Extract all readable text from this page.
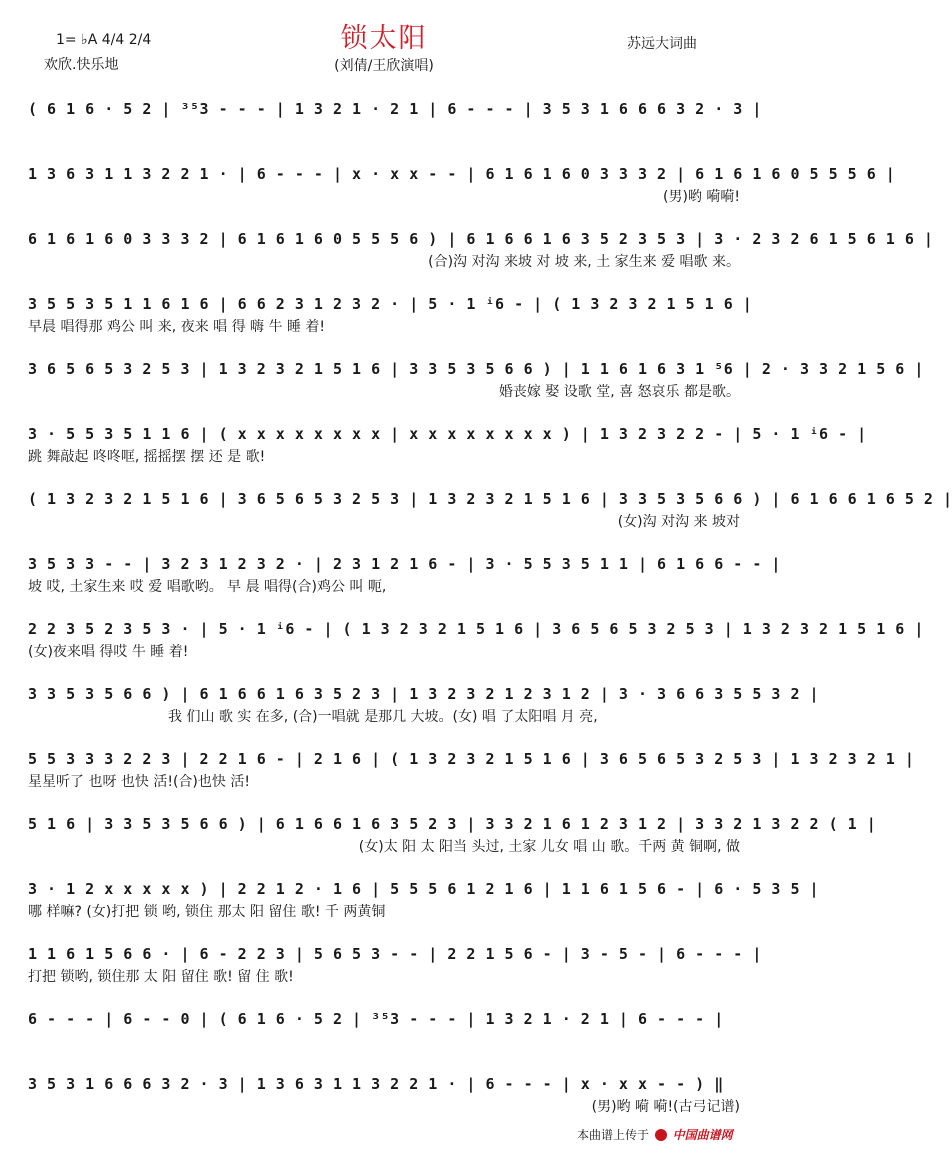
1= ♭A 4/4 2/4
欢欣.快乐地
锁太阳
(刘倩/王欣演唱)
苏远大词曲
( 6 1 6 · 5 2 | ³⁵3 - - - | 1 3 2 1 · 2 1 | 6 - - - | 3 5 3 1 6 6 6 3 2 · 3 |
1 3 6 3 1 1 3 2 2 1 · | 6 - - - | x · x x - - | 6 1 6 1 6 0 3 3 3 2 | 6 1 6 1 6 0 5 5 5 6 |
(男)哟 嗬嗬!
6 1 6 1 6 0 3 3 3 2 | 6 1 6 1 6 0 5 5 5 6 ) | 6 1 6 6 1 6 3 5 2 3 5 3 | 3 · 2 3 2 6 1 5 6 1 6 |
(合)沟 对沟 来坡 对 坡 来, 土 家生来 爱 唱歌 来。
3 5 5 3 5 1 1 6 1 6 | 6 6 2 3 1 2 3 2 · | 5 · 1 ⁱ6 - | ( 1 3 2 3 2 1 5 1 6 |
早晨 唱得那 鸡公 叫 来, 夜来 唱 得 嗨 牛 睡 着!
3 6 5 6 5 3 2 5 3 | 1 3 2 3 2 1 5 1 6 | 3 3 5 3 5 6 6 ) | 1 1 6 1 6 3 1 ⁵6 | 2 · 3 3 2 1 5 6 |
婚丧嫁 娶 设歌 堂, 喜 怒哀乐 都是歌。
3 · 5 5 3 5 1 1 6 | ( x x x x x x x x | x x x x x x x x ) | 1 3 2 3 2 2 - | 5 · 1 ⁱ6 - |
跳 舞敲起 咚咚哐, 摇摇摆 摆 还 是 歌!
( 1 3 2 3 2 1 5 1 6 | 3 6 5 6 5 3 2 5 3 | 1 3 2 3 2 1 5 1 6 | 3 3 5 3 5 6 6 ) | 6 1 6 6 1 6 5 2 |
(女)沟 对沟 来 坡对
3 5 3 3 - - | 3 2 3 1 2 3 2 · | 2 3 1 2 1 6 - | 3 · 5 5 3 5 1 1 | 6 1 6 6 - - |
坡 哎, 土家生来 哎 爱 唱歌哟。 早 晨 唱得(合)鸡公 叫 呃,
2 2 3 5 2 3 5 3 · | 5 · 1 ⁱ6 - | ( 1 3 2 3 2 1 5 1 6 | 3 6 5 6 5 3 2 5 3 | 1 3 2 3 2 1 5 1 6 |
(女)夜来唱 得哎 牛 睡 着!
3 3 5 3 5 6 6 ) | 6 1 6 6 1 6 3 5 2 3 | 1 3 2 3 2 1 2 3 1 2 | 3 · 3 6 6 3 5 5 3 2 |
我 们山 歌 实 在多, (合)一唱就 是那几 大坡。(女) 唱 了太阳唱 月 亮,
5 5 3 3 3 2 2 3 | 2 2 1 6 - | 2 1 6 | ( 1 3 2 3 2 1 5 1 6 | 3 6 5 6 5 3 2 5 3 | 1 3 2 3 2 1 |
星星听了 也呀 也快 活!(合)也快 活!
5 1 6 | 3 3 5 3 5 6 6 ) | 6 1 6 6 1 6 3 5 2 3 | 3 3 2 1 6 1 2 3 1 2 | 3 3 2 1 3 2 2 ( 1 |
(女)太 阳 太 阳当 头过, 土家 儿女 唱 山 歌。千两 黄 铜啊, 做
3 · 1 2 x x x x x ) | 2 2 1 2 · 1 6 | 5 5 5 6 1 2 1 6 | 1 1 6 1 5 6 - | 6 · 5 3 5 |
哪 样嘛? (女)打把 锁 哟, 锁住 那太 阳 留住 歌! 千 两黄铜
1 1 6 1 5 6 6 · | 6 - 2 2 3 | 5 6 5 3 - - | 2 2 1 5 6 - | 3 - 5 - | 6 - - - |
打把 锁哟, 锁住那 太 阳 留住 歌! 留 住 歌!
6 - - - | 6 - - 0 | ( 6 1 6 · 5 2 | ³⁵3 - - - | 1 3 2 1 · 2 1 | 6 - - - |
3 5 3 1 6 6 6 3 2 · 3 | 1 3 6 3 1 1 3 2 2 1 · | 6 - - - | x · x x - - ) ‖
(男)哟 嗬 嗬!(古弓记谱)
本曲谱上传于 中国曲谱网
